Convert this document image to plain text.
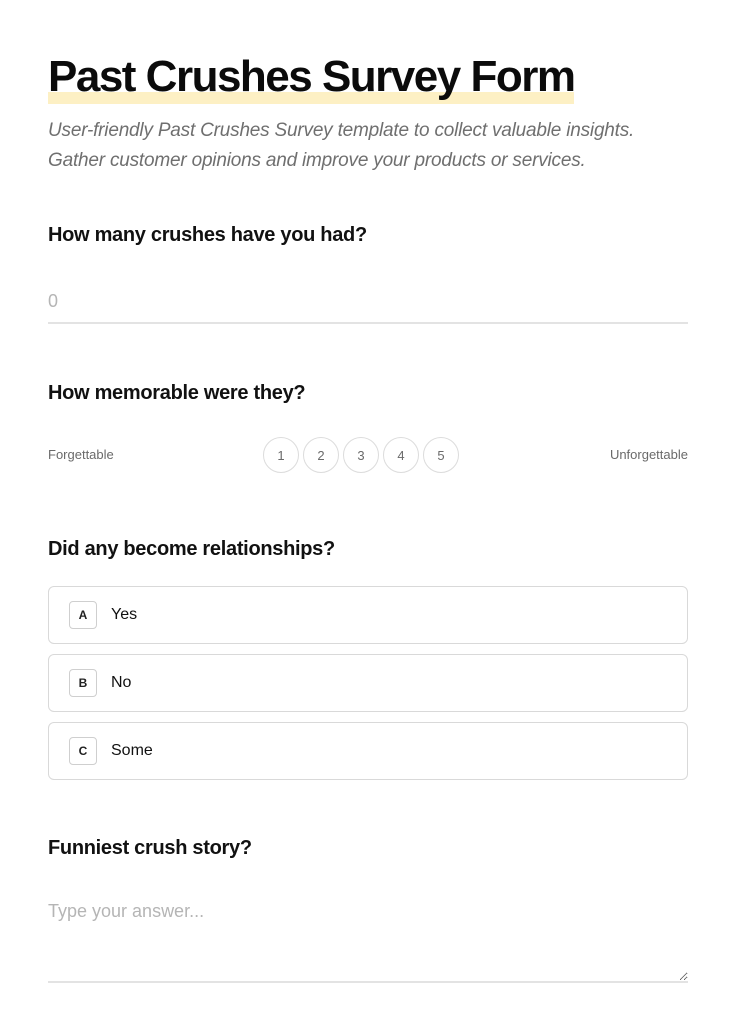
Past Crushes Survey Form

User-friendly Past Crushes Survey template to collect valuable insights. Gather customer opinions and improve your products or services.

How many crushes have you had?
0
How memorable were they?
Forgettable	1	2	3	4	5	Unforgettable
Did any become relationships?
A	Yes
B	No
C	Some
Funniest crush story?
Type your answer...
